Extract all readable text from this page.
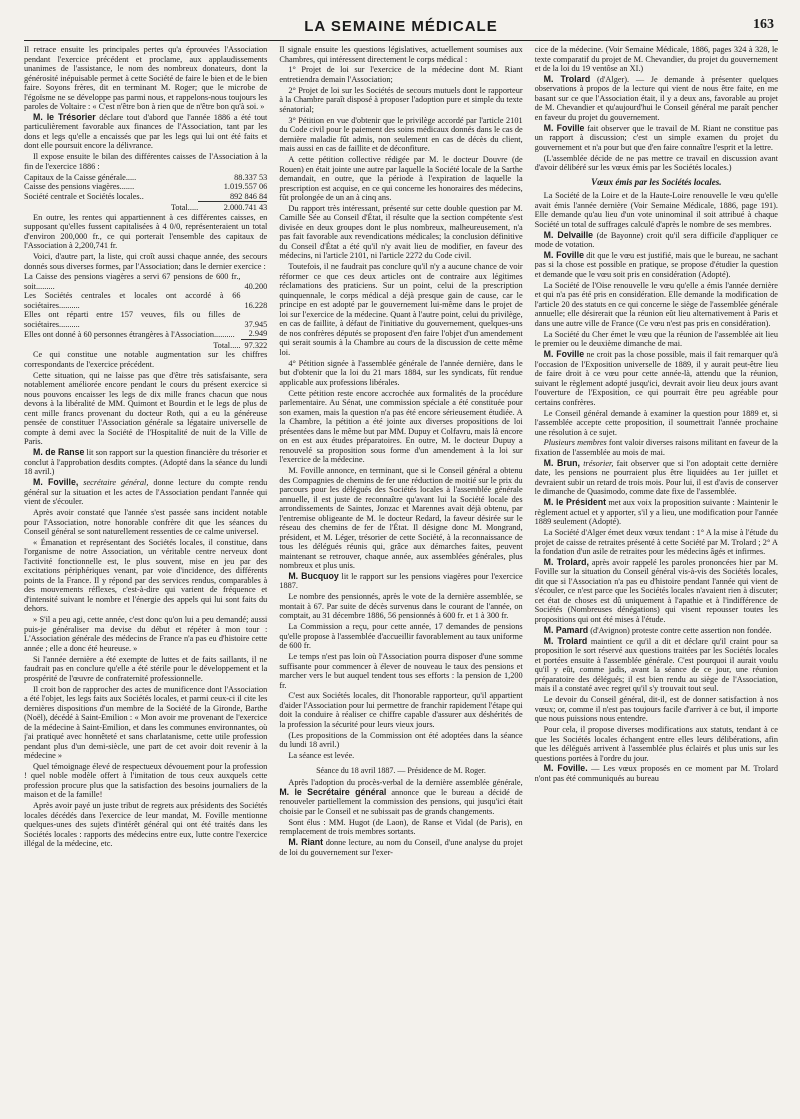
LA SEMAINE MÉDICALE	163

Il retrace ensuite les principales pertes qu'a éprouvées l'Association pendant l'exercice précédent et proclame, aux applaudissements unanimes de l'assistance, le nom des nombreux donateurs, dont la générosité inépuisable permet à cette Société de faire le bien et de le bien faire. Soyons frères, dit en terminant M. Roger; que le microbe de l'égoïsme ne se développe pas parmi nous, et rappelons-nous toujours les paroles de Voltaire : « C'est n'être bon à rien que de n'être bon qu'à soi. »

M. le Trésorier déclare tout d'abord que l'année 1886 a été tout particulièrement favorable aux finances de l'Association, tant par les dons et legs qu'elle a encaissés que par les legs qui lui ont été faits et dont elle poursuit encore la délivrance.

Il expose ensuite le bilan des différentes caisses de l'Association à la fin de l'exercice 1886 :

Capitaux de la Caisse générale.....	88.337 53
Caisse des pensions viagères.......	1.019.557 06
Société centrale et Sociétés locales..	892 846 84
Total.....	2.000.741 43

En outre, les rentes qui appartiennent à ces différentes caisses, en supposant qu'elles fussent capitalisées à 4 0/0, représenteraient un total d'environ 200,000 fr., ce qui porterait l'ensemble des capitaux de l'Association à 2,200,741 fr.

Voici, d'autre part, la liste, qui croît aussi chaque année, des secours donnés sous diverses formes, par l'Association; dans le dernier exercice :

La Caisse des pensions viagères a servi 67 pensions de 600 fr., soit.........	40.200
Les Sociétés centrales et locales ont accordé à 66 sociétaires..........	16.228
Elles ont réparti entre 157 veuves, fils ou filles de sociétaires..........	37.945
Elles ont donné à 60 personnes étrangères à l'Association..........	2.949
Total.....	97.322

Ce qui constitue une notable augmentation sur les chiffres correspondants de l'exercice précédent.

Cette situation, qui ne laisse pas que d'être très satisfaisante, sera notablement améliorée encore pendant le cours du présent exercice si nous pouvons encaisser les legs de dix mille francs chacun que nous devons à la libéralité de MM. Quimont et Bourdin et le legs de plus de cent mille francs provenant du docteur Roth, qui a eu la généreuse pensée de constituer l'Association générale sa légataire universelle de compte à demi avec la Société de l'Hospitalité de nuit de la Ville de Paris.

M. de Ranse lit son rapport sur la question financière du trésorier et conclut à l'approbation desdits comptes. (Adopté dans la séance du lundi 18 avril.)

M. Foville, secrétaire général, donne lecture du compte rendu général sur la situation et les actes de l'Association pendant l'année qui vient de s'écouler.

Après avoir constaté que l'année s'est passée sans incident notable pour l'Association, notre honorable confrère dit que les séances du Conseil général se sont naturellement ressenties de ce calme universel.

« Émanation et représentant des Sociétés locales, il constitue, dans l'organisme de notre Association, un véritable centre nerveux dont l'activité fonctionnelle est, le plus souvent, mise en jeu par des excitations périphériques venant, par voie d'incidence, des différents points de la France. Il y répond par des services rendus, comparables à des mouvements réflexes, c'est-à-dire qui varient de fréquence et d'intensité suivant le nombre et l'énergie des appels qui lui sont faits du dehors.

» S'il a peu agi, cette année, c'est donc qu'on lui a peu demandé; aussi puis-je généraliser ma devise du début et répéter à mon tour : L'Association générale des médecins de France n'a pas eu d'histoire cette année ; elle a donc été heureuse. »

Si l'année dernière a été exempte de luttes et de faits saillants, il ne faudrait pas en conclure qu'elle a été stérile pour le développement et la prospérité de l'œuvre de confraternité professionnelle.

Il croit bon de rapprocher des actes de munificence dont l'Association a été l'objet, les legs faits aux Sociétés locales, et parmi ceux-ci il cite les dernières dispositions d'un membre de la Société de la Gironde, Barthe (Noël), décédé à Saint-Emilion : « Mon avoir me provenant de l'exercice de la médecine à Saint-Emilion, et dans les communes environnantes, où j'ai pratiqué avec honnêteté et sans charlatanisme, cette utile profession pendant plus d'un demi-siècle, une part de cet avoir doit revenir à la médecine »

Quel témoignage élevé de respectueux dévouement pour la profession ! quel noble modèle offert à l'imitation de tous ceux auxquels cette profession procure plus que la satisfaction des besoins journaliers de la maison et de la famille!

Après avoir payé un juste tribut de regrets aux présidents des Sociétés locales décédés dans l'exercice de leur mandat, M. Foville mentionne quelques-unes des sujets d'intérêt général qui ont été traités dans les Sociétés locales : rapports des médecins entre eux, lutte contre l'exercice illégal de la médecine, etc.

Il signale ensuite les questions législatives, actuellement soumises aux Chambres, qui intéressent directement le corps médical :

1° Projet de loi sur l'exercice de la médecine dont M. Riant entretiendra demain l'Association;

2° Projet de loi sur les Sociétés de secours mutuels dont le rapporteur à la Chambre paraît disposé à proposer l'adoption pure et simple du texte sénatorial;

3° Pétition en vue d'obtenir que le privilège accordé par l'article 2101 du Code civil pour le paiement des soins médicaux donnés dans le cas de dernière maladie fût admis, non seulement en cas de décès du client, mais aussi en cas de faillite et de déconfiture.

A cette pétition collective rédigée par M. le docteur Douvre (de Rouen) en était jointe une autre par laquelle la Société locale de la Sarthe demandait, en outre, que la période à l'expiration de laquelle la prescription est acquise, en ce qui concerne les honoraires des médecins, fût prolongée de un an à cinq ans.

Du rapport très intéressant, présenté sur cette double question par M. Camille Sée au Conseil d'État, il résulte que la section compétente s'est divisée en deux groupes dont le plus nombreux, malheureusement, n'a pas fait favorable aux revendications médicales; la conclusion définitive du Conseil d'État a été qu'il n'y avait lieu de modifier, en faveur des médecins, ni l'article 2101, ni l'article 2272 du Code civil.

Toutefois, il ne faudrait pas conclure qu'il n'y a aucune chance de voir réformer ce que ces deux articles ont de contraire aux légitimes réclamations des praticiens. Sur un point, celui de la prescription quinquennale, le corps médical a déjà presque gain de cause, car le principe en est adopté par le gouvernement lui-même dans le projet de loi sur l'exercice de la médecine. Quant à l'autre point, celui du privilège, en cas de faillite, à défaut de l'initiative du gouvernement, quelques-uns de nos confrères députés se proposent d'en faire l'objet d'un amendement qui serait soumis à la Chambre au cours de la discussion de cette même loi.

4° Pétition signée à l'assemblée générale de l'année dernière, dans le but d'obtenir que la loi du 21 mars 1884, sur les syndicats, fût rendue applicable aux professions libérales.

Cette pétition reste encore accrochée aux formalités de la procédure parlementaire. Au Sénat, une commission spéciale a été constituée pour son examen, mais la question n'a pas été encore sérieusement étudiée. A la Chambre, la pétition a été jointe aux diverses propositions de loi présentées dans le même but par MM. Dupuy et Colfavru, mais là encore on en est aux études préparatoires. En outre, M. le docteur Dupuy a renouvelé sa proposition sous forme d'un amendement à la loi sur l'exercice de la médecine.

M. Foville annonce, en terminant, que si le Conseil général a obtenu des Compagnies de chemins de fer une réduction de moitié sur le prix du parcours pour les délégués des Sociétés locales à l'assemblée générale annuelle, il est juste de reconnaître qu'avant lui la Société locale des arrondissements de Saintes, Jonzac et Marennes avait déjà obtenu, par l'entremise obligeante de M. le docteur Redard, la faveur désirée sur le réseau des chemins de fer de l'État. Il désigne donc M. Mongrand, président, et M. Léger, trésorier de cette Société, à la reconnaissance de tous les délégués réunis qui, grâce aux démarches faites, peuvent maintenant se retrouver, chaque année, aux assemblées générales, plus nombreux et plus unis.

M. Bucquoy lit le rapport sur les pensions viagères pour l'exercice 1887.

Le nombre des pensionnés, après le vote de la dernière assemblée, se montait à 67. Par suite de décès survenus dans le courant de l'année, on comptait, au 31 décembre 1886, 56 pensionnés à 600 fr. et 1 à 300 fr.

La Commission a reçu, pour cette année, 17 demandes de pensions qu'elle propose à l'assemblée d'accueillir favorablement au taux uniforme de 600 fr.

Le temps n'est pas loin où l'Association pourra disposer d'une somme suffisante pour commencer à élever de nouveau le taux des pensions et marcher vers le but auquel tendent tous ses efforts : la pension de 1,200 fr.

C'est aux Sociétés locales, dit l'honorable rapporteur, qu'il appartient d'aider l'Association pour lui permettre de franchir rapidement l'étape qui doit la conduire à réaliser ce chiffre capable d'assurer aux déshérités de la profession la sécurité pour leurs vieux jours.

(Les propositions de la Commission ont été adoptées dans la séance du lundi 18 avril.)

La séance est levée.

Séance du 18 avril 1887. — Présidence de M. Roger.

Après l'adoption du procès-verbal de la dernière assemblée générale, M. le Secrétaire général annonce que le bureau a décidé de renouveler partiellement la commission des pensions, qui jusqu'ici était choisie par le Conseil et ne subissait pas de grands changements.

Sont élus : MM. Hugot (de Laon), de Ranse et Vidal (de Paris), en remplacement de trois membres sortants.

M. Riant donne lecture, au nom du Conseil, d'une analyse du projet de loi du gouvernement sur l'exer-

cice de la médecine. (Voir Semaine Médicale, 1886, pages 324 à 328, le texte comparatif du projet de M. Chevandier, du projet du gouvernement et de la loi du 19 ventôse an XI.)

M. Trolard (d'Alger). — Je demande à présenter quelques observations à propos de la lecture qui vient de nous être faite, en me basant sur ce que l'Association était, il y a deux ans, favorable au projet de M. Chevandier et qu'aujourd'hui le Conseil général me paraît pencher en faveur du projet du gouvernement.

M. Foville fait observer que le travail de M. Riant ne constitue pas un rapport à discussion; c'est un simple examen du projet du gouvernement et n'a pour but que d'en faire connaître l'esprit et la lettre.

(L'assemblée décide de ne pas mettre ce travail en discussion avant d'avoir délibéré sur les vœux émis par les Sociétés locales.)

Vœux émis par les Sociétés locales.

La Société de la Loire et de la Haute-Loire renouvelle le vœu qu'elle avait émis l'année dernière (Voir Semaine Médicale, 1886, page 191). Elle demande qu'au lieu d'un vote uninominal il soit attribué à chaque Société un total de suffrages calculé d'après le nombre de ses membres.

M. Delvaille (de Bayonne) croit qu'il sera difficile d'appliquer ce mode de votation.

M. Foville dit que le vœu est justifié, mais que le bureau, ne sachant pas si la chose est possible en pratique, se propose d'étudier la question et demande que le vœu soit pris en considération (Adopté).

La Société de l'Oise renouvelle le vœu qu'elle a émis l'année dernière et qui n'a pas été pris en considération. Elle demande la modification de l'article 20 des statuts en ce qui concerne le siège de l'assemblée générale annuelle; elle désirerait que la réunion eût lieu alternativement à Paris et dans une autre ville de France (Ce vœu n'est pas pris en considération).

La Société du Cher émet le vœu que la réunion de l'assemblée ait lieu le premier ou le deuxième dimanche de mai.

M. Foville ne croit pas la chose possible, mais il fait remarquer qu'à l'occasion de l'Exposition universelle de 1889, il y aurait peut-être lieu de faire droit à ce vœu pour cette année-là, attendu que la réunion, suivant le règlement adopté jusqu'ici, devrait avoir lieu deux jours avant l'ouverture de l'Exposition, ce qui pourrait être peu agréable pour certains confrères.

Le Conseil général demande à examiner la question pour 1889 et, si l'assemblée accepte cette proposition, il soumettrait l'année prochaine une résolution à ce sujet.

Plusieurs membres font valoir diverses raisons militant en faveur de la fixation de l'assemblée au mois de mai.

M. Brun, trésorier, fait observer que si l'on adoptait cette dernière date, les pensions ne pourraient plus être liquidées au 1er juillet et devraient subir un retard de trois mois. Pour lui, il est d'avis de conserver le dimanche de Quasimodo, comme date fixe de l'assemblée.

M. le Président met aux voix la proposition suivante : Maintenir le règlement actuel et y apporter, s'il y a lieu, une modification pour l'année 1889 seulement (Adopté).

La Société d'Alger émet deux vœux tendant : 1° A la mise à l'étude du projet de caisse de retraites présenté à cette Société par M. Trolard ; 2° A la fondation d'un asile de retraites pour les médecins âgés et infirmes.

M. Trolard, après avoir rappelé les paroles prononcées hier par M. Foville sur la situation du Conseil général vis-à-vis des Sociétés locales, dit que si l'Association n'a pas eu d'histoire pendant l'année qui vient de s'écouler, ce n'est parce que les Sociétés locales n'avaient rien à discuter; cet état de choses est dû uniquement à l'apathie et à l'indifférence de Sociétés (Nombreuses dénégations) qui visent repousser toutes les propositions qui ont été mises à l'étude.

M. Pamard (d'Avignon) proteste contre cette assertion non fondée.

M. Trolard maintient ce qu'il a dit et déclare qu'il craint pour sa proposition le sort réservé aux questions traitées par les Sociétés locales et portées ensuite à l'assemblée générale. C'est pourquoi il aurait voulu qu'il y eût, comme jadis, avant la séance de ce jour, une réunion préparatoire des délégués; il est bien rendu au siège de l'Association, mais il a constaté avec regret qu'il s'y trouvait tout seul.

Le devoir du Conseil général, dit-il, est de donner satisfaction à nos vœux; or, comme il n'est pas toujours facile d'arriver à ce but, il importe que nous puissions nous entendre.

Pour cela, il propose diverses modifications aux statuts, tendant à ce que les Sociétés locales échangent entre elles leurs délibérations, afin que les délégués arrivent à l'assemblée plus éclairés et plus unis sur les questions portées à l'ordre du jour.

M. Foville. — Les vœux proposés en ce moment par M. Trolard n'ont pas été communiqués au bureau
